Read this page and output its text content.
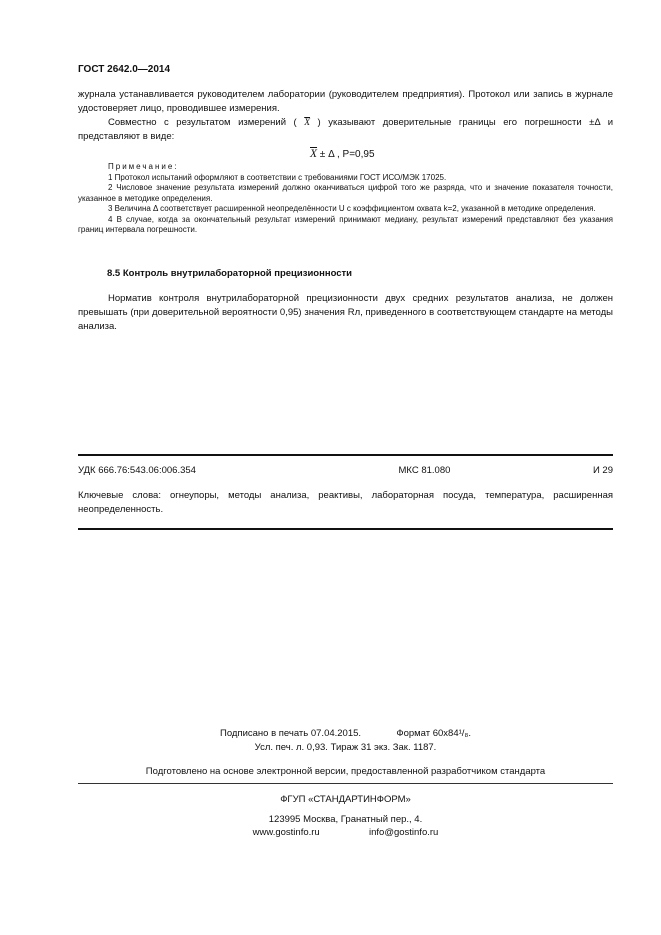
ГОСТ 2642.0—2014
журнала устанавливается руководителем лаборатории (руководителем предприятия). Протокол или запись в журнале удостоверяет лицо, проводившее измерения.
Совместно с результатом измерений ( $\overline{X}$ ) указывают доверительные границы его погрешности ±Δ и представляют в виде:
$\overline{X} \pm \Delta$ , P=0,95
Примечание:
1 Протокол испытаний оформляют в соответствии с требованиями ГОСТ ИСО/МЭК 17025.
2 Числовое значение результата измерений должно оканчиваться цифрой того же разряда, что и значение показателя точности, указанное в методике определения.
3 Величина Δ соответствует расширенной неопределённости U с коэффициентом охвата k=2, указанной в методике определения.
4 В случае, когда за окончательный результат измерений принимают медиану, результат измерений представляют без указания границ интервала погрешности.
8.5 Контроль внутрилабораторной прецизионности
Норматив контроля внутрилабораторной прецизионности двух средних результатов анализа, не должен превышать (при доверительной вероятности 0,95) значения Rл, приведенного в соответствующем стандарте на методы анализа.
УДК 666.76:543.06:006.354	МКС 81.080	И 29
Ключевые слова: огнеупоры, методы анализа, реактивы, лабораторная посуда, температура, расширенная неопределенность.
Подписано в печать 07.04.2015.	Формат 60х84¹/₈.
Усл. печ. л. 0,93. Тираж 31 экз. Зак. 1187.
Подготовлено на основе электронной версии, предоставленной разработчиком стандарта
ФГУП «СТАНДАРТИНФОРМ»
123995 Москва, Гранатный пер., 4.
www.gostinfo.ru	info@gostinfo.ru
